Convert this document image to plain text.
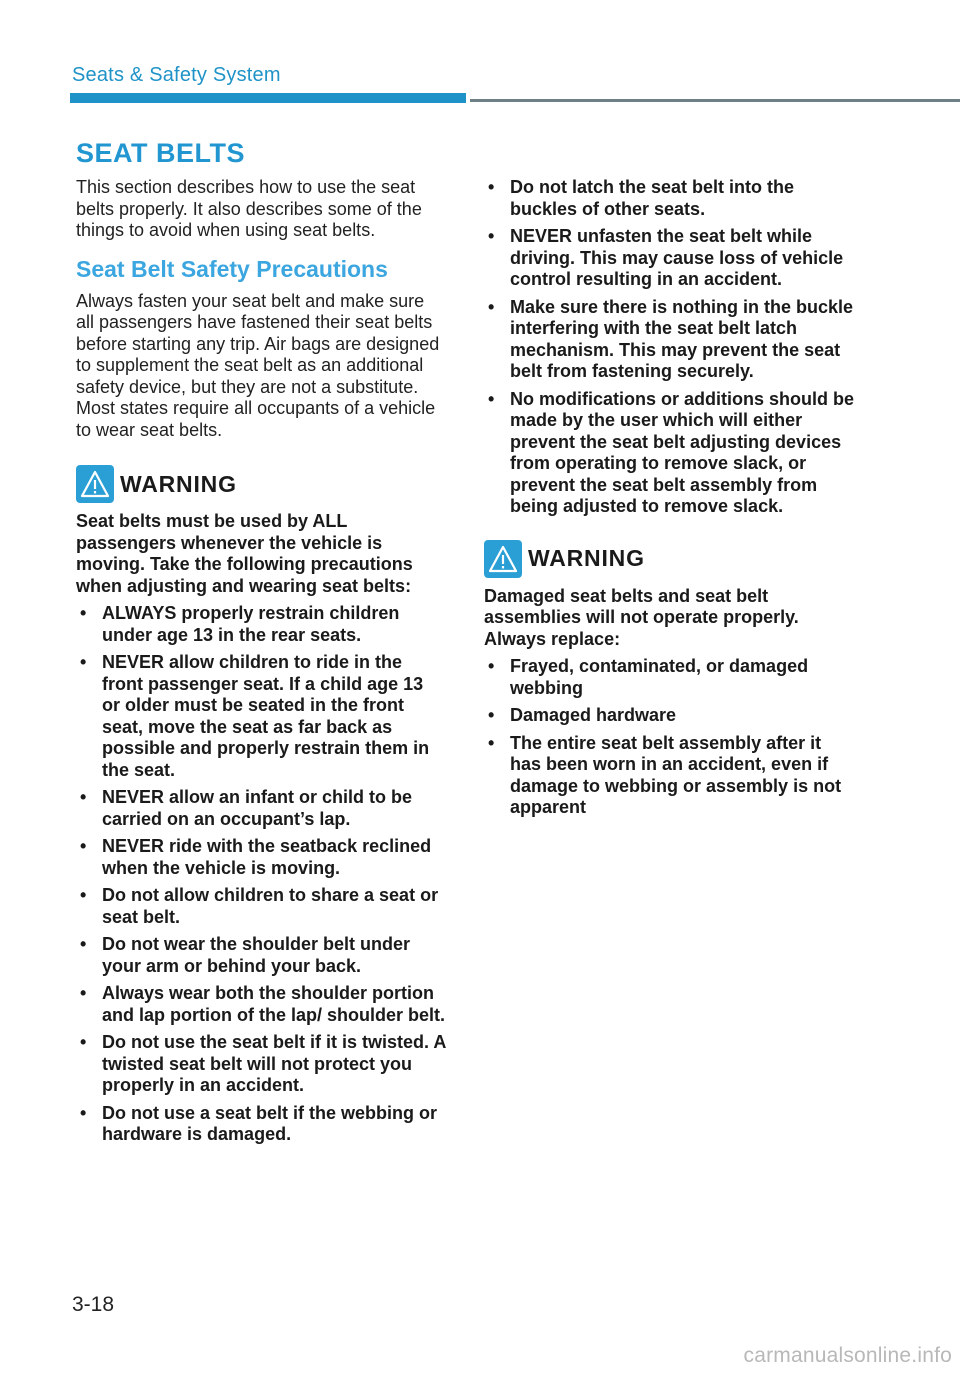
Seats & Safety System
SEAT BELTS

This section describes how to use the seat belts properly. It also describes some of the things to avoid when using seat belts.

Seat Belt Safety Precautions

Always fasten your seat belt and make sure all passengers have fastened their seat belts before starting any trip. Air bags are designed to supplement the seat belt as an additional safety device, but they are not a substitute. Most states require all occupants of a vehicle to wear seat belts.

WARNING

Seat belts must be used by ALL passengers whenever the vehicle is moving. Take the following precautions when adjusting and wearing seat belts:

• ALWAYS properly restrain children under age 13 in the rear seats.
• NEVER allow children to ride in the front passenger seat. If a child age 13 or older must be seated in the front seat, move the seat as far back as possible and properly restrain them in the seat.
• NEVER allow an infant or child to be carried on an occupant’s lap.
• NEVER ride with the seatback reclined when the vehicle is moving.
• Do not allow children to share a seat or seat belt.
• Do not wear the shoulder belt under your arm or behind your back.
• Always wear both the shoulder portion and lap portion of the lap/ shoulder belt.
• Do not use the seat belt if it is twisted. A twisted seat belt will not protect you properly in an accident.
• Do not use a seat belt if the webbing or hardware is damaged.
• Do not latch the seat belt into the buckles of other seats.
• NEVER unfasten the seat belt while driving. This may cause loss of vehicle control resulting in an accident.
• Make sure there is nothing in the buckle interfering with the seat belt latch mechanism. This may prevent the seat belt from fastening securely.
• No modifications or additions should be made by the user which will either prevent the seat belt adjusting devices from operating to remove slack, or prevent the seat belt assembly from being adjusted to remove slack.
WARNING

Damaged seat belts and seat belt assemblies will not operate properly. Always replace:

• Frayed, contaminated, or damaged webbing
• Damaged hardware
• The entire seat belt assembly after it has been worn in an accident, even if damage to webbing or assembly is not apparent
3-18
carmanualsonline.info
